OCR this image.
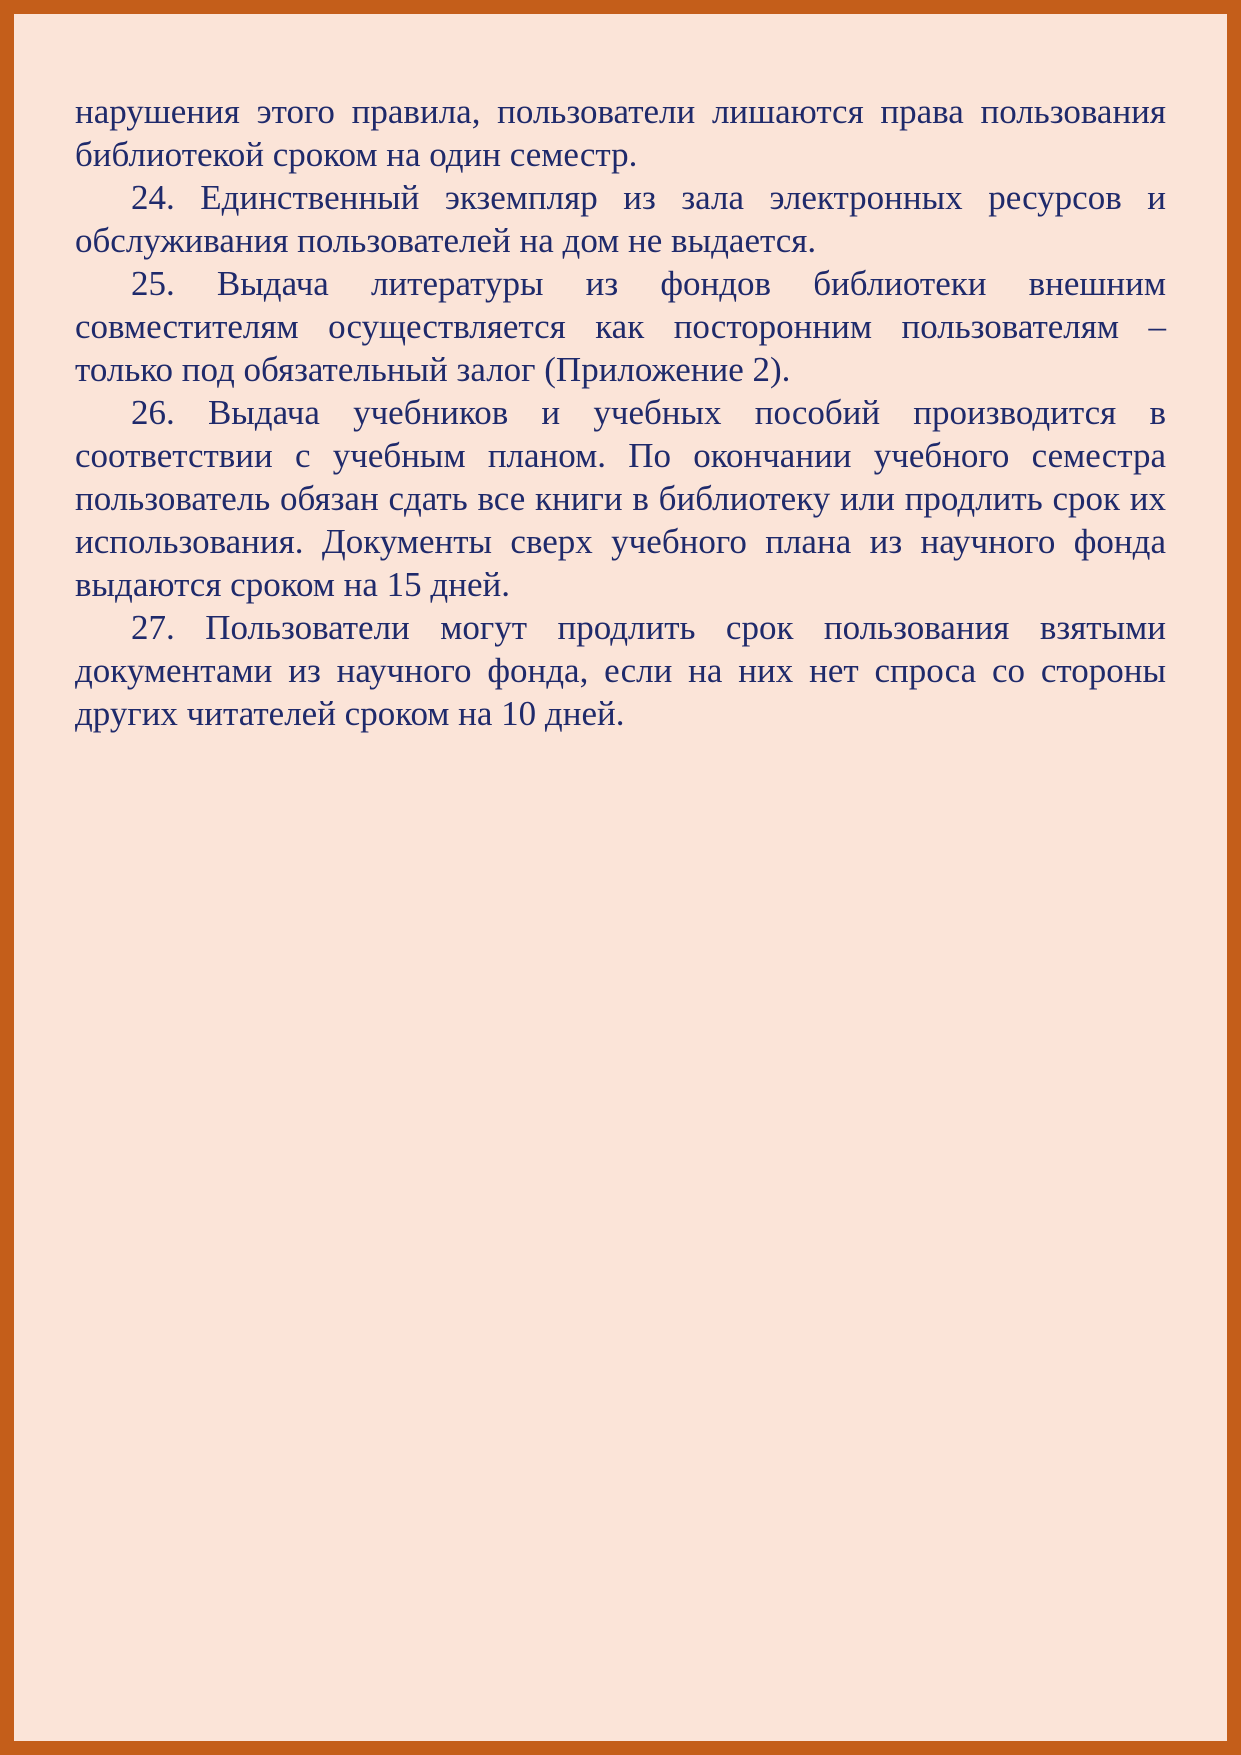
нарушения этого правила, пользователи лишаются права пользования библиотекой сроком на один семестр.

24. Единственный экземпляр из зала электронных ресурсов и обслуживания пользователей на дом не выдается.

25. Выдача литературы из фондов библиотеки внешним совместителям осуществляется как посторонним пользователям – только под обязательный залог (Приложение 2).

26. Выдача учебников и учебных пособий производится в соответствии с учебным планом. По окончании учебного семестра пользователь обязан сдать все книги в библиотеку или продлить срок их использования. Документы сверх учебного плана из научного фонда выдаются сроком на 15 дней.

27. Пользователи могут продлить срок пользования взятыми документами из научного фонда, если на них нет спроса со стороны других читателей сроком на 10 дней.
